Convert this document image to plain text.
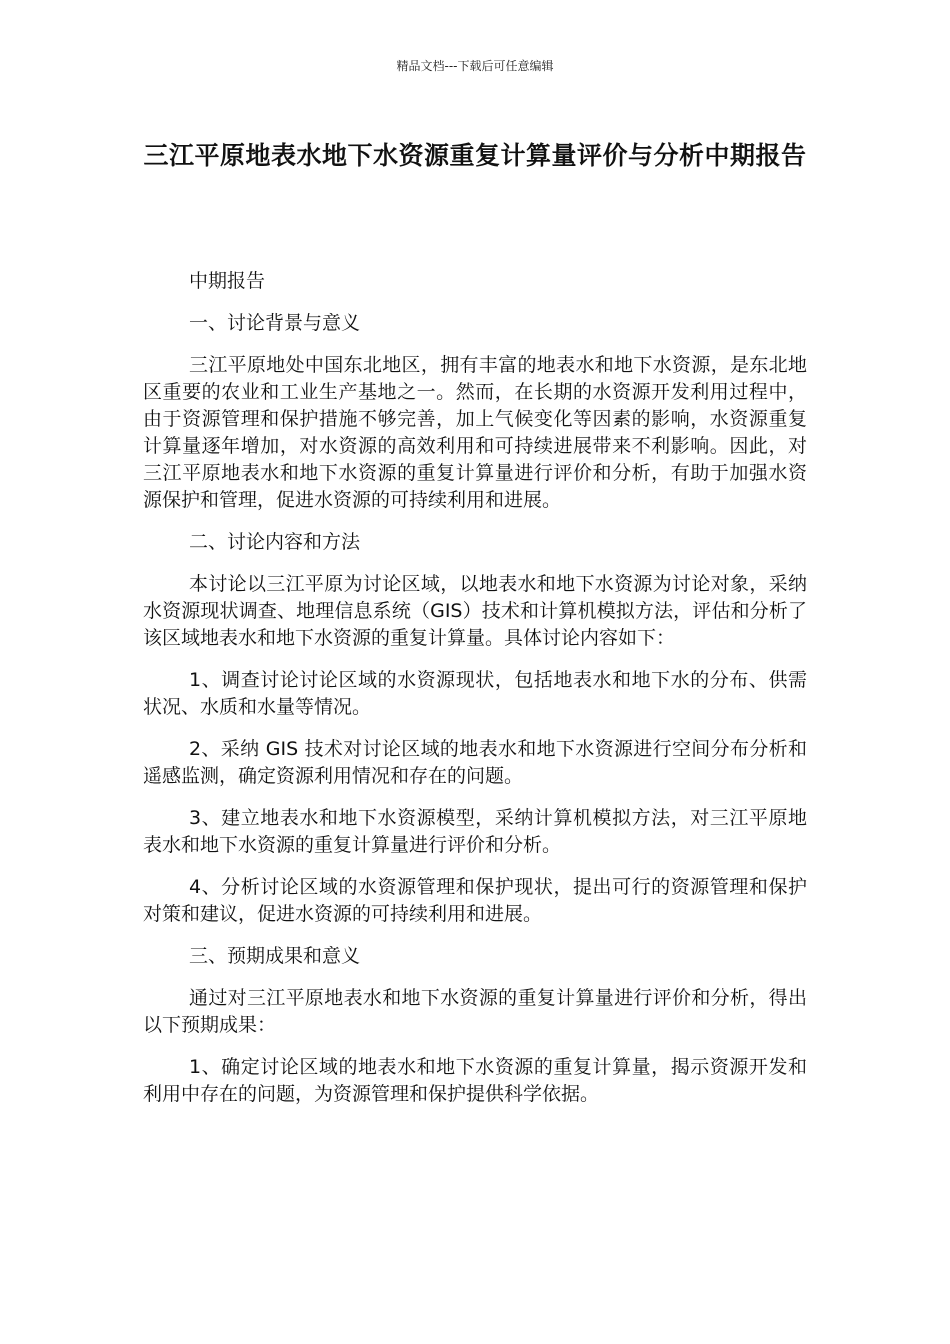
精品文档---下载后可任意编辑
三江平原地表水地下水资源重复计算量评价与分析中期报告

中期报告

一、讨论背景与意义

三江平原地处中国东北地区，拥有丰富的地表水和地下水资源，是东北地区重要的农业和工业生产基地之一。然而，在长期的水资源开发利用过程中，由于资源管理和保护措施不够完善，加上气候变化等因素的影响，水资源重复计算量逐年增加，对水资源的高效利用和可持续进展带来不利影响。因此，对三江平原地表水和地下水资源的重复计算量进行评价和分析，有助于加强水资源保护和管理，促进水资源的可持续利用和进展。

二、讨论内容和方法

本讨论以三江平原为讨论区域，以地表水和地下水资源为讨论对象，采纳水资源现状调查、地理信息系统（GIS）技术和计算机模拟方法，评估和分析了该区域地表水和地下水资源的重复计算量。具体讨论内容如下：

1、调查讨论讨论区域的水资源现状，包括地表水和地下水的分布、供需状况、水质和水量等情况。

2、采纳 GIS 技术对讨论区域的地表水和地下水资源进行空间分布分析和遥感监测，确定资源利用情况和存在的问题。

3、建立地表水和地下水资源模型，采纳计算机模拟方法，对三江平原地表水和地下水资源的重复计算量进行评价和分析。

4、分析讨论区域的水资源管理和保护现状，提出可行的资源管理和保护对策和建议，促进水资源的可持续利用和进展。

三、预期成果和意义

通过对三江平原地表水和地下水资源的重复计算量进行评价和分析，得出以下预期成果：

1、确定讨论区域的地表水和地下水资源的重复计算量，揭示资源开发和利用中存在的问题，为资源管理和保护提供科学依据。
